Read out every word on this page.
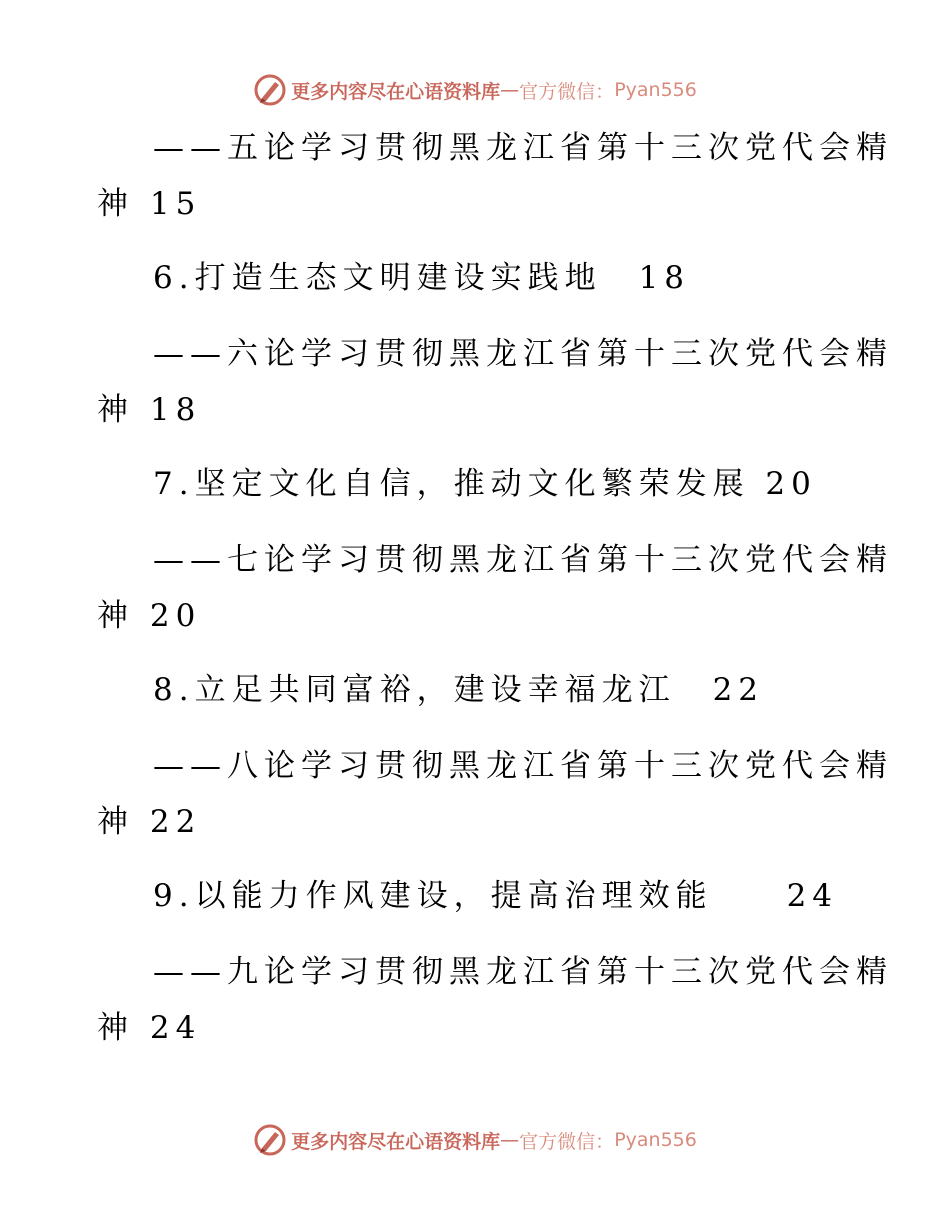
更多内容尽在心语资料库 — 官方微信： Pyan556
——五论学习贯彻黑龙江省第十三次党代会精
神 15
6.打造生态文明建设实践地　18
——六论学习贯彻黑龙江省第十三次党代会精
神 18
7.坚定文化自信，推动文化繁荣发展 20
——七论学习贯彻黑龙江省第十三次党代会精
神 20
8.立足共同富裕，建设幸福龙江　22
——八论学习贯彻黑龙江省第十三次党代会精
神 22
9.以能力作风建设，提高治理效能　　24
——九论学习贯彻黑龙江省第十三次党代会精
神 24
更多内容尽在心语资料库 — 官方微信： Pyan556
